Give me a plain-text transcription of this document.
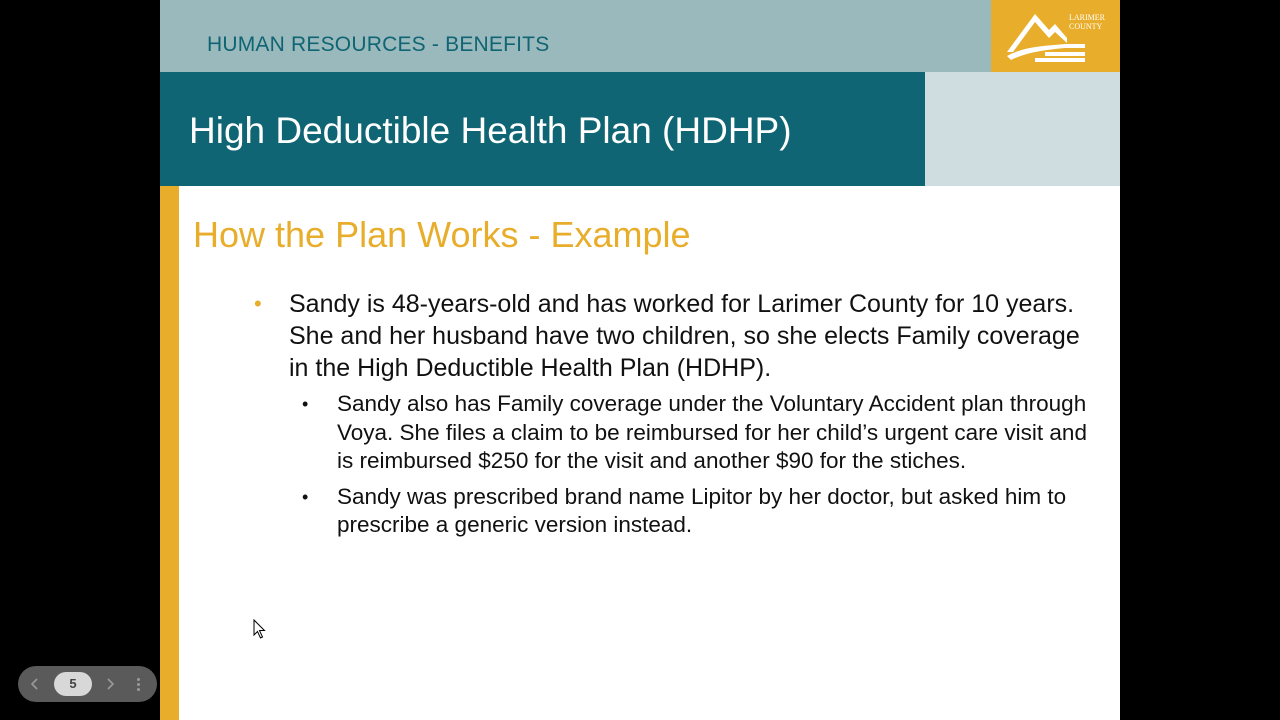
HUMAN RESOURCES - BENEFITS
LARIMER
COUNTY
High Deductible Health Plan (HDHP)
How the Plan Works - Example
• Sandy is 48-years-old and has worked for Larimer County for 10 years. She and her husband have two children, so she elects Family coverage in the High Deductible Health Plan (HDHP).
• Sandy also has Family coverage under the Voluntary Accident plan through Voya. She files a claim to be reimbursed for her child’s urgent care visit and is reimbursed $250 for the visit and another $90 for the stiches.
• Sandy was prescribed brand name Lipitor by her doctor, but asked him to prescribe a generic version instead.
5
